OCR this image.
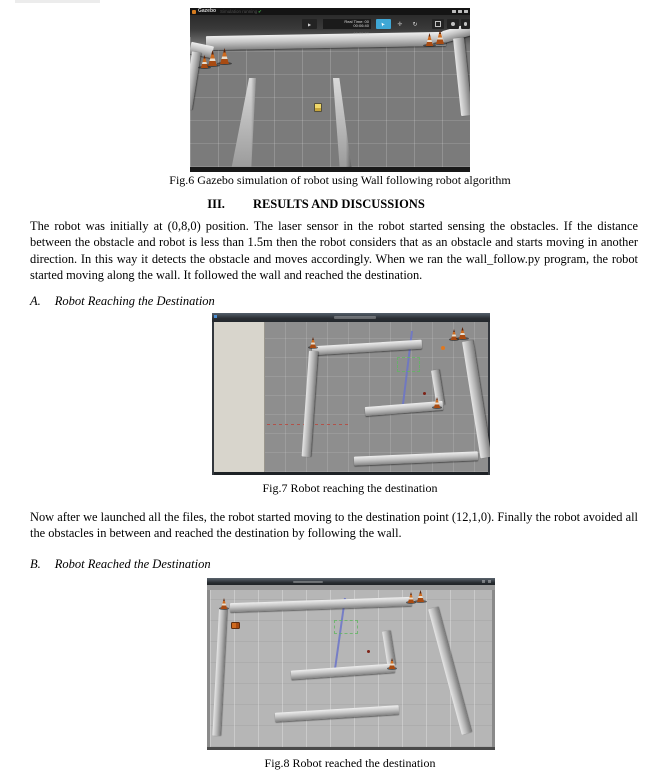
Gazebo Simulation running ✔
▶
Real Time: 00
00:06:40 ➤ ✛ ↻
00:23:26
Fig.6 Gazebo simulation of robot using Wall following robot algorithm
III. RESULTS AND DISCUSSIONS
The robot was initially at (0,8,0) position. The laser sensor in the robot started sensing the obstacles. If the distance between the obstacle and robot is less than 1.5m then the robot considers that as an obstacle and starts moving in another direction. In this way it detects the obstacle and moves accordingly. When we ran the wall_follow.py program, the robot started moving along the wall. It followed the wall and reached the destination.
A. Robot Reaching the Destination
Fig.7 Robot reaching the destination
Now after we launched all the files, the robot started moving to the destination point (12,1,0). Finally the robot avoided all the obstacles in between and reached the destination by following the wall.
B. Robot Reached the Destination
Fig.8 Robot reached the destination
